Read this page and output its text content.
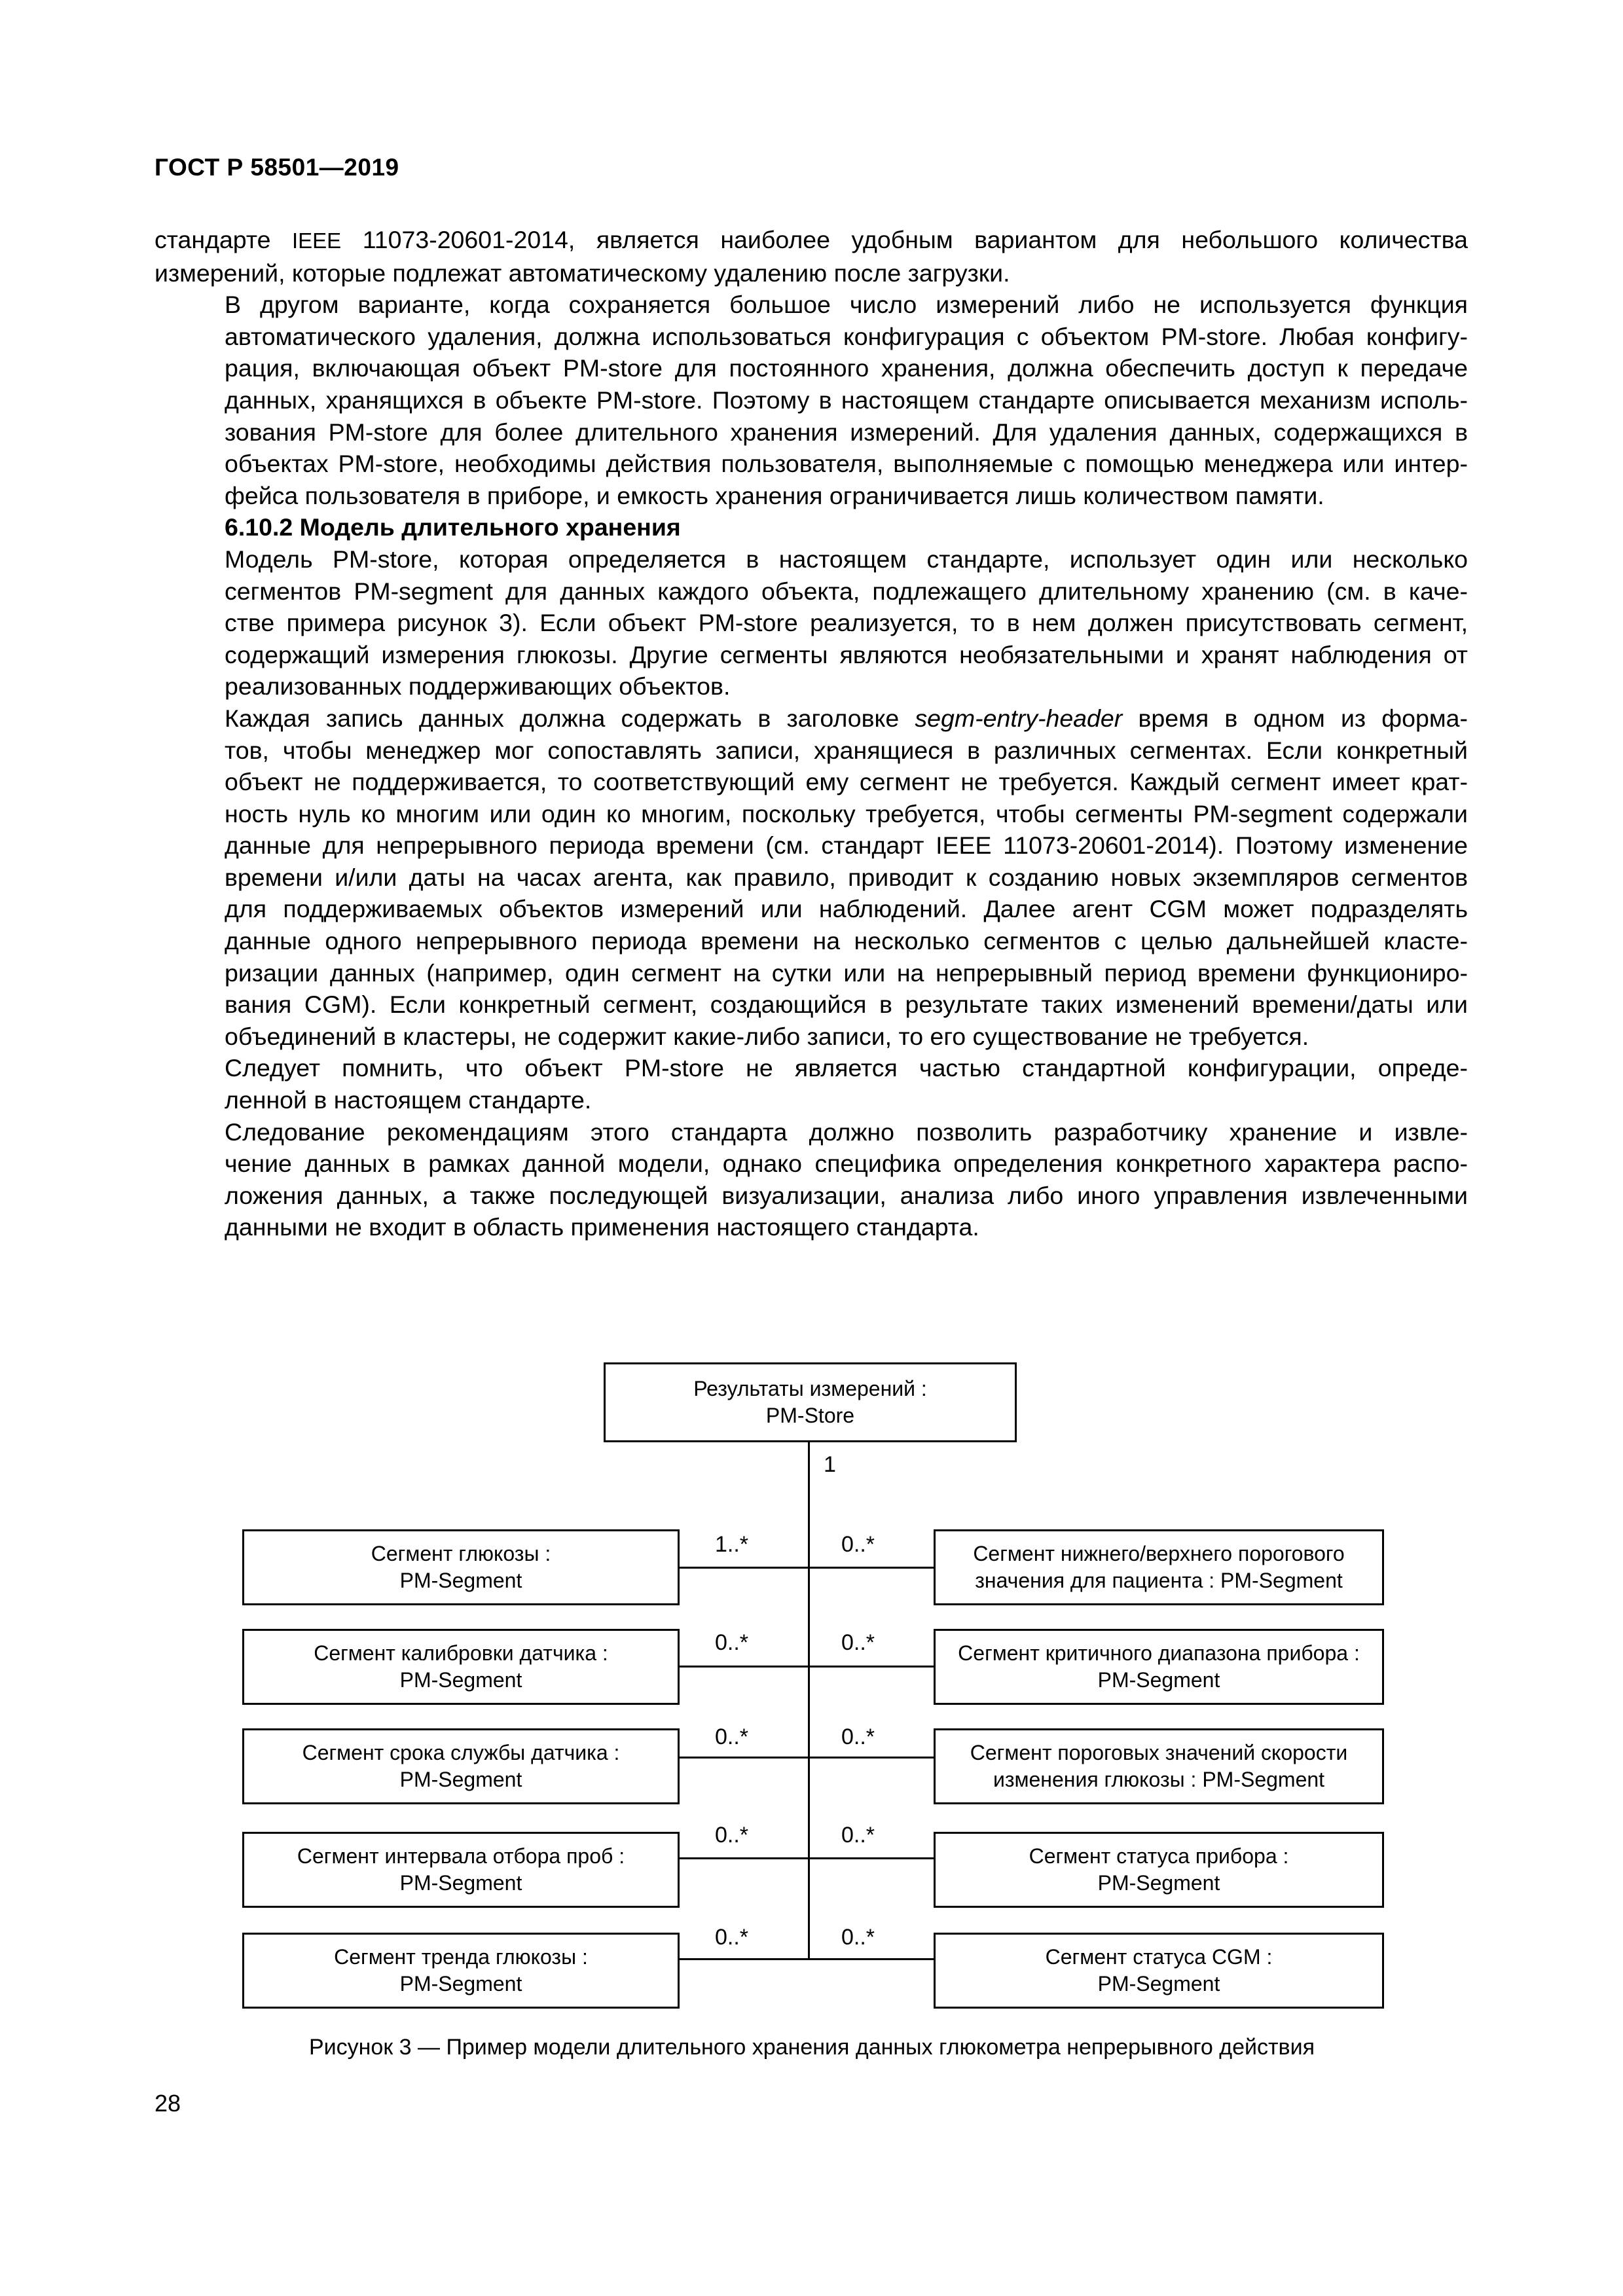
ГОСТ Р 58501—2019

стандарте IEEE 11073-20601-2014, является наиболее удобным вариантом для небольшого количества
измерений, которые подлежат автоматическому удалению после загрузки.

В другом варианте, когда сохраняется большое число измерений либо не используется функция
автоматического удаления, должна использоваться конфигурация с объектом PM-store. Любая конфигу-
рация, включающая объект PM-store для постоянного хранения, должна обеспечить доступ к передаче
данных, хранящихся в объекте PM-store. Поэтому в настоящем стандарте описывается механизм исполь-
зования PM-store для более длительного хранения измерений. Для удаления данных, содержащихся в
объектах PM-store, необходимы действия пользователя, выполняемые с помощью менеджера или интер-
фейса пользователя в приборе, и емкость хранения ограничивается лишь количеством памяти.

6.10.2 Модель длительного хранения

Модель PM-store, которая определяется в настоящем стандарте, использует один или несколько
сегментов PM-segment для данных каждого объекта, подлежащего длительному хранению (см. в каче-
стве примера рисунок 3). Если объект PM-store реализуется, то в нем должен присутствовать сегмент,
содержащий измерения глюкозы. Другие сегменты являются необязательными и хранят наблюдения от
реализованных поддерживающих объектов.

Каждая запись данных должна содержать в заголовке segm-entry-header время в одном из форма-
тов, чтобы менеджер мог сопоставлять записи, хранящиеся в различных сегментах. Если конкретный
объект не поддерживается, то соответствующий ему сегмент не требуется. Каждый сегмент имеет крат-
ность нуль ко многим или один ко многим, поскольку требуется, чтобы сегменты PM-segment содержали
данные для непрерывного периода времени (см. стандарт IEEE 11073-20601-2014). Поэтому изменение
времени и/или даты на часах агента, как правило, приводит к созданию новых экземпляров сегментов
для поддерживаемых объектов измерений или наблюдений. Далее агент CGM может подразделять
данные одного непрерывного периода времени на несколько сегментов с целью дальнейшей класте-
ризации данных (например, один сегмент на сутки или на непрерывный период времени функциониро-
вания CGM). Если конкретный сегмент, создающийся в результате таких изменений времени/даты или
объединений в кластеры, не содержит какие-либо записи, то его существование не требуется.

Следует помнить, что объект PM-store не является частью стандартной конфигурации, опреде-
ленной в настоящем стандарте.

Следование рекомендациям этого стандарта должно позволить разработчику хранение и извле-
чение данных в рамках данной модели, однако специфика определения конкретного характера распо-
ложения данных, а также последующей визуализации, анализа либо иного управления извлеченными
данными не входит в область применения настоящего стандарта.

Результаты измерений :
PM-Store
1
Сегмент глюкозы :
PM-Segment
1..*	0..*	Сегмент нижнего/верхнего порогового
значения для пациента : PM-Segment
Сегмент калибровки датчика :
PM-Segment
0..*	0..*	Сегмент критичного диапазона прибора :
PM-Segment
Сегмент срока службы датчика :
PM-Segment
0..*	0..*
Сегмент пороговых значений скорости
изменения глюкозы : PM-Segment
Сегмент интервала отбора проб :
PM-Segment
0..*	0..*
Сегмент статуса прибора :
PM-Segment
Сегмент тренда глюкозы :
PM-Segment
0..*	0..*
Сегмент статуса CGM :
PM-Segment
Рисунок 3 — Пример модели длительного хранения данных глюкометра непрерывного действия
28
